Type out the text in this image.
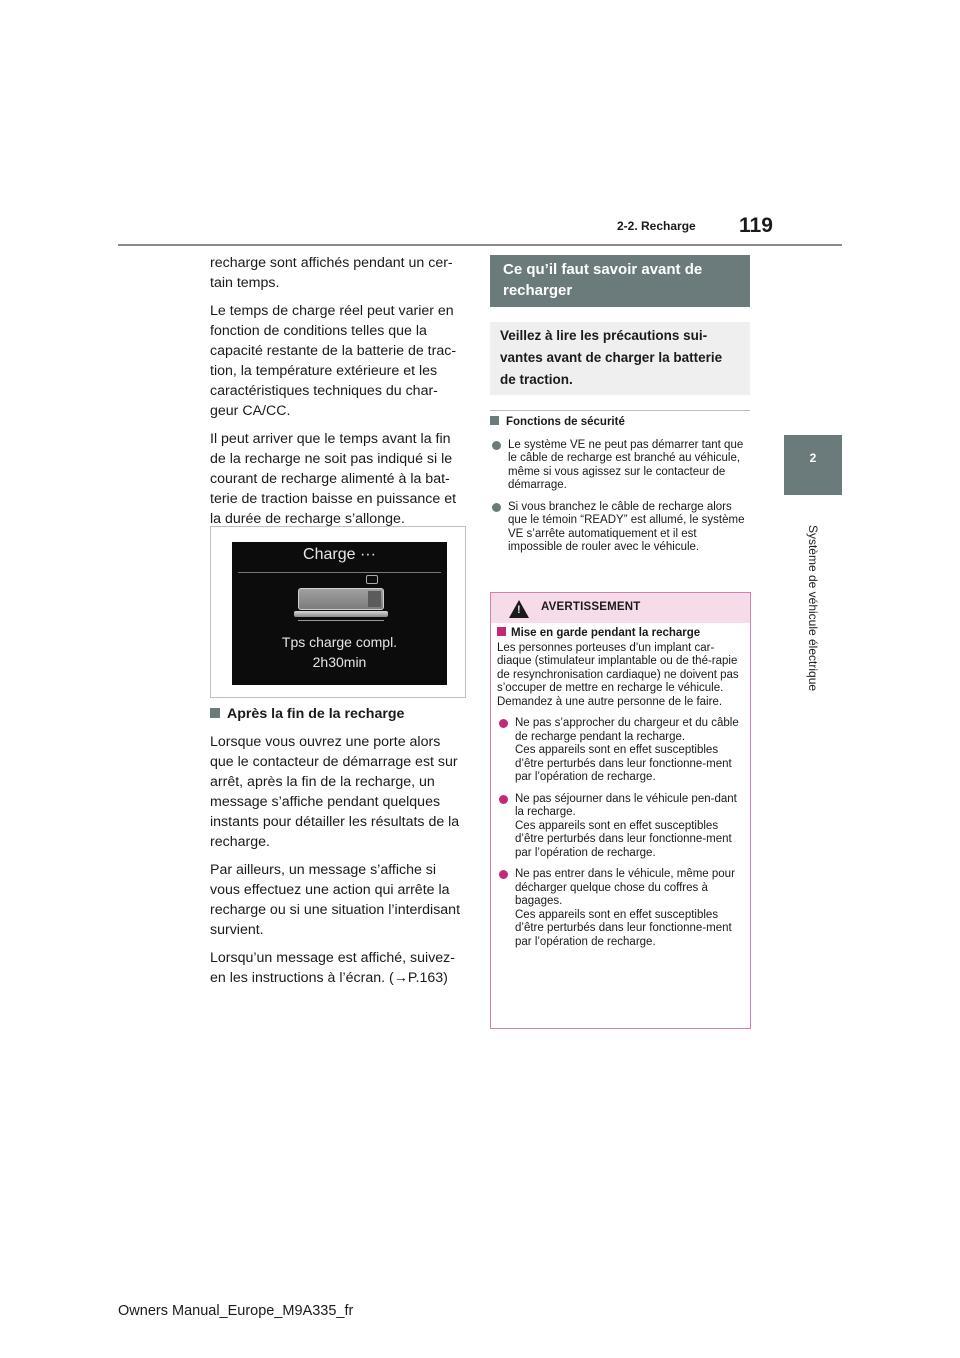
2-2. Recharge 119
2
Système de véhicule électrique

recharge sont affichés pendant un cer-tain temps.

Le temps de charge réel peut varier en fonction de conditions telles que la capacité restante de la batterie de trac-tion, la température extérieure et les caractéristiques techniques du char-geur CA/CC.

Il peut arriver que le temps avant la fin de la recharge ne soit pas indiqué si le courant de recharge alimenté à la bat-terie de traction baisse en puissance et la durée de recharge s’allonge.

Charge ···
Tps charge compl.
2h30min

Après la fin de la recharge

Lorsque vous ouvrez une porte alors que le contacteur de démarrage est sur arrêt, après la fin de la recharge, un message s’affiche pendant quelques instants pour détailler les résultats de la recharge.

Par ailleurs, un message s’affiche si vous effectuez une action qui arrête la recharge ou si une situation l’interdisant survient.

Lorsqu’un message est affiché, suivez-en les instructions à l’écran. (→P.163)

Ce qu’il faut savoir avant de recharger
Veillez à lire les précautions sui-vantes avant de charger la batterie de traction.
Fonctions de sécurité
Le système VE ne peut pas démarrer tant que le câble de recharge est branché au véhicule, même si vous agissez sur le contacteur de démarrage.
Si vous branchez le câble de recharge alors que le témoin “READY” est allumé, le système VE s’arrête automatiquement et il est impossible de rouler avec le véhicule.
!
AVERTISSEMENT

Mise en garde pendant la recharge

Les personnes porteuses d’un implant car-diaque (stimulateur implantable ou de thé-rapie de resynchronisation cardiaque) ne doivent pas s’occuper de mettre en recharge le véhicule. Demandez à une autre personne de le faire.

Ne pas s’approcher du chargeur et du câble de recharge pendant la recharge.
Ces appareils sont en effet susceptibles d’être perturbés dans leur fonctionne-ment par l’opération de recharge.
Ne pas séjourner dans le véhicule pen-dant la recharge.
Ces appareils sont en effet susceptibles d’être perturbés dans leur fonctionne-ment par l’opération de recharge.
Ne pas entrer dans le véhicule, même pour décharger quelque chose du coffres à bagages.
Ces appareils sont en effet susceptibles d’être perturbés dans leur fonctionne-ment par l’opération de recharge.
Owners Manual_Europe_M9A335_fr
